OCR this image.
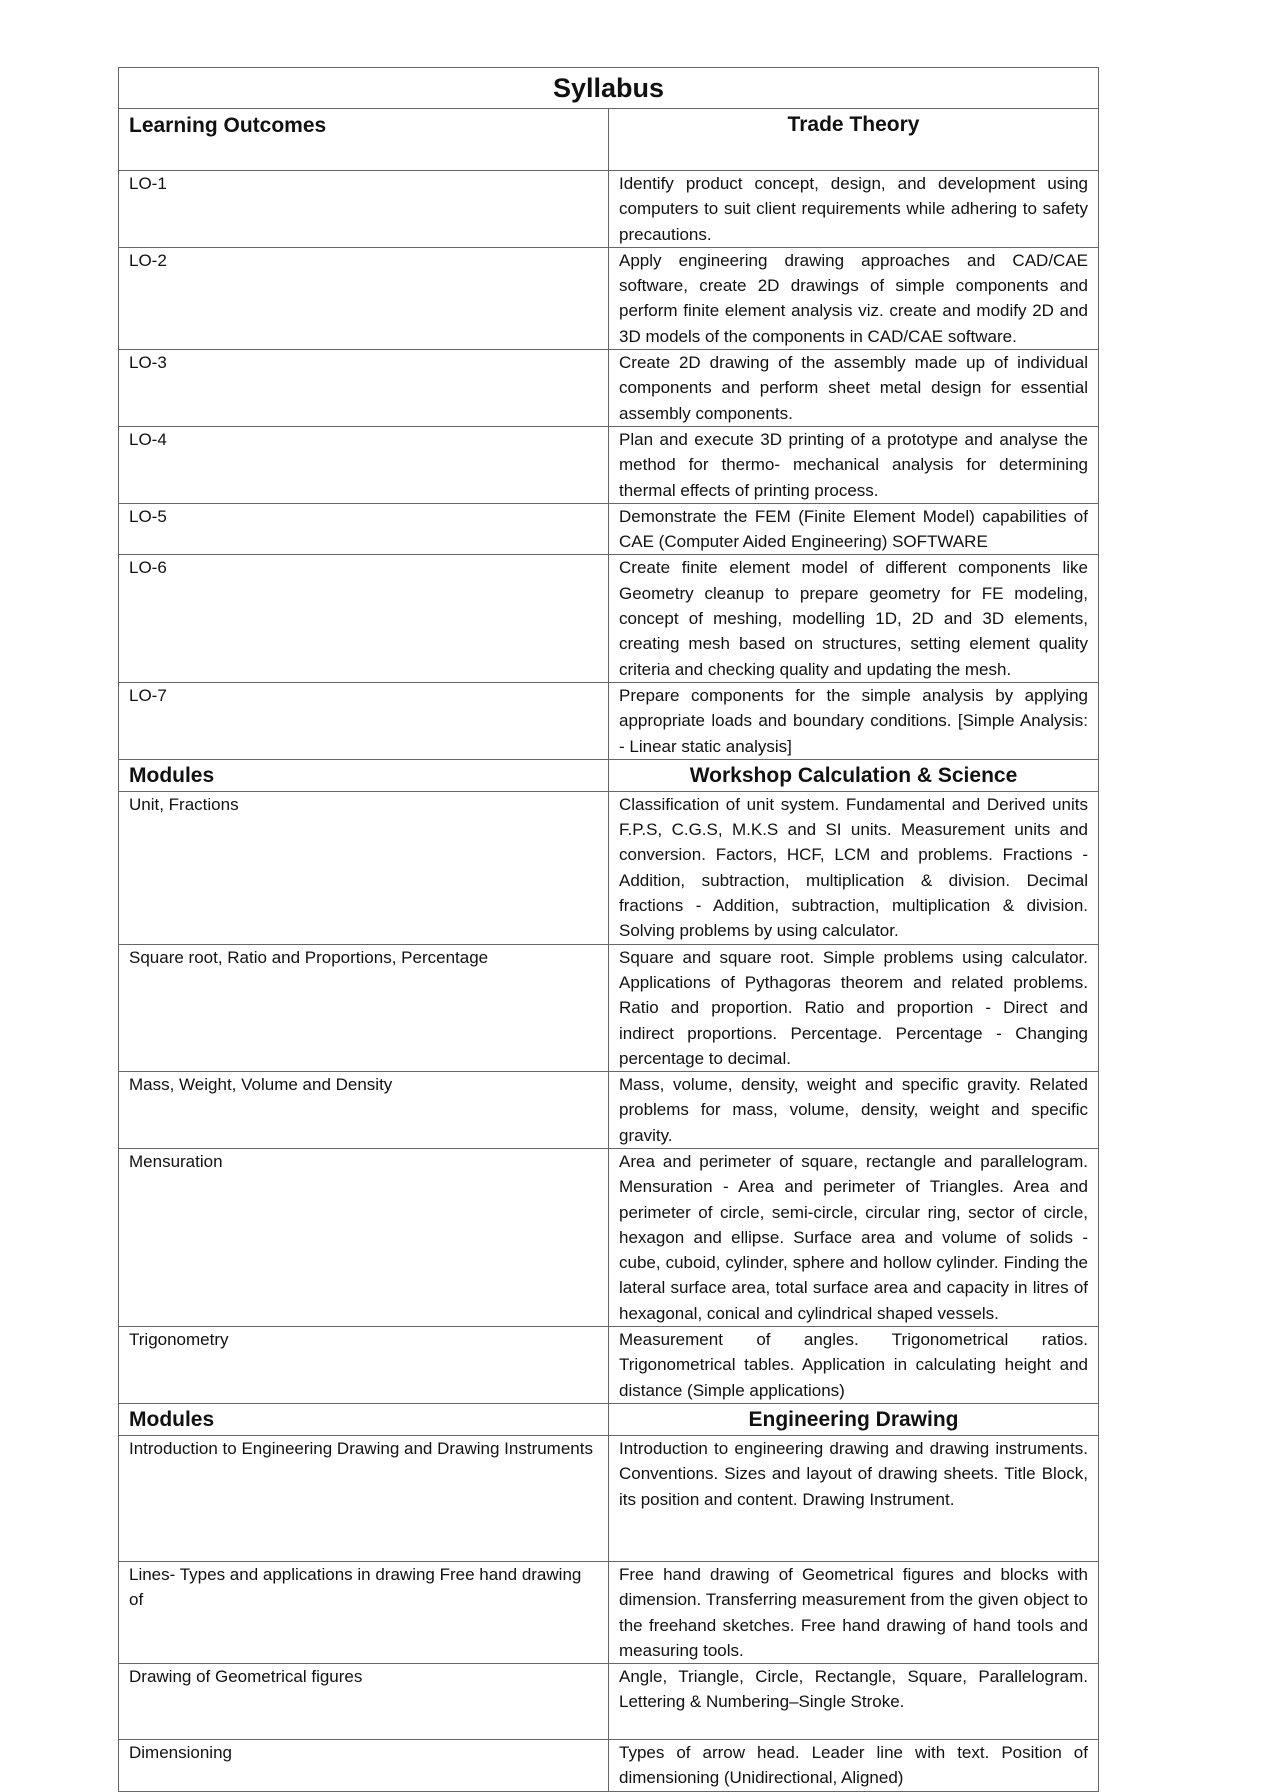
Syllabus	
Learning Outcomes	Trade Theory
LO-1	Identify product concept, design, and development using computers to suit client requirements while adhering to safety precautions.
LO-2	Apply engineering drawing approaches and CAD/CAE software, create 2D drawings of simple components and perform finite element analysis viz. create and modify 2D and 3D models of the components in CAD/CAE software.
LO-3	Create 2D drawing of the assembly made up of individual components and perform sheet metal design for essential assembly components.
LO-4	Plan and execute 3D printing of a prototype and analyse the method for thermo- mechanical analysis for determining thermal effects of printing process.
LO-5	Demonstrate the FEM (Finite Element Model) capabilities of CAE (Computer Aided Engineering) SOFTWARE
LO-6	Create finite element model of different components like Geometry cleanup to prepare geometry for FE modeling, concept of meshing, modelling 1D, 2D and 3D elements, creating mesh based on structures, setting element quality criteria and checking quality and updating the mesh.
LO-7	Prepare components for the simple analysis by applying appropriate loads and boundary conditions. [Simple Analysis: - Linear static analysis]
Modules	Workshop Calculation & Science
Unit, Fractions	Classification of unit system. Fundamental and Derived units F.P.S, C.G.S, M.K.S and SI units. Measurement units and conversion. Factors, HCF, LCM and problems. Fractions - Addition, subtraction, multiplication & division. Decimal fractions - Addition, subtraction, multiplication & division. Solving problems by using calculator.
Square root, Ratio and Proportions, Percentage	Square and square root. Simple problems using calculator. Applications of Pythagoras theorem and related problems. Ratio and proportion. Ratio and proportion - Direct and indirect proportions. Percentage. Percentage - Changing percentage to decimal.
Mass, Weight, Volume and Density	Mass, volume, density, weight and specific gravity. Related problems for mass, volume, density, weight and specific gravity.
Mensuration	Area and perimeter of square, rectangle and parallelogram. Mensuration - Area and perimeter of Triangles. Area and perimeter of circle, semi-circle, circular ring, sector of circle, hexagon and ellipse. Surface area and volume of solids - cube, cuboid, cylinder, sphere and hollow cylinder. Finding the lateral surface area, total surface area and capacity in litres of hexagonal, conical and cylindrical shaped vessels.
Trigonometry	Measurement of angles. Trigonometrical ratios. Trigonometrical tables. Application in calculating height and distance (Simple applications)
Modules	Engineering Drawing
Introduction to Engineering Drawing and Drawing Instruments	Introduction to engineering drawing and drawing instruments. Conventions. Sizes and layout of drawing sheets. Title Block, its position and content. Drawing Instrument.
Lines- Types and applications in drawing Free hand drawing of	Free hand drawing of Geometrical figures and blocks with dimension. Transferring measurement from the given object to the freehand sketches. Free hand drawing of hand tools and measuring tools.
Drawing of Geometrical figures	Angle, Triangle, Circle, Rectangle, Square, Parallelogram. Lettering & Numbering–Single Stroke.
Dimensioning	Types of arrow head. Leader line with text. Position of dimensioning (Unidirectional, Aligned)
